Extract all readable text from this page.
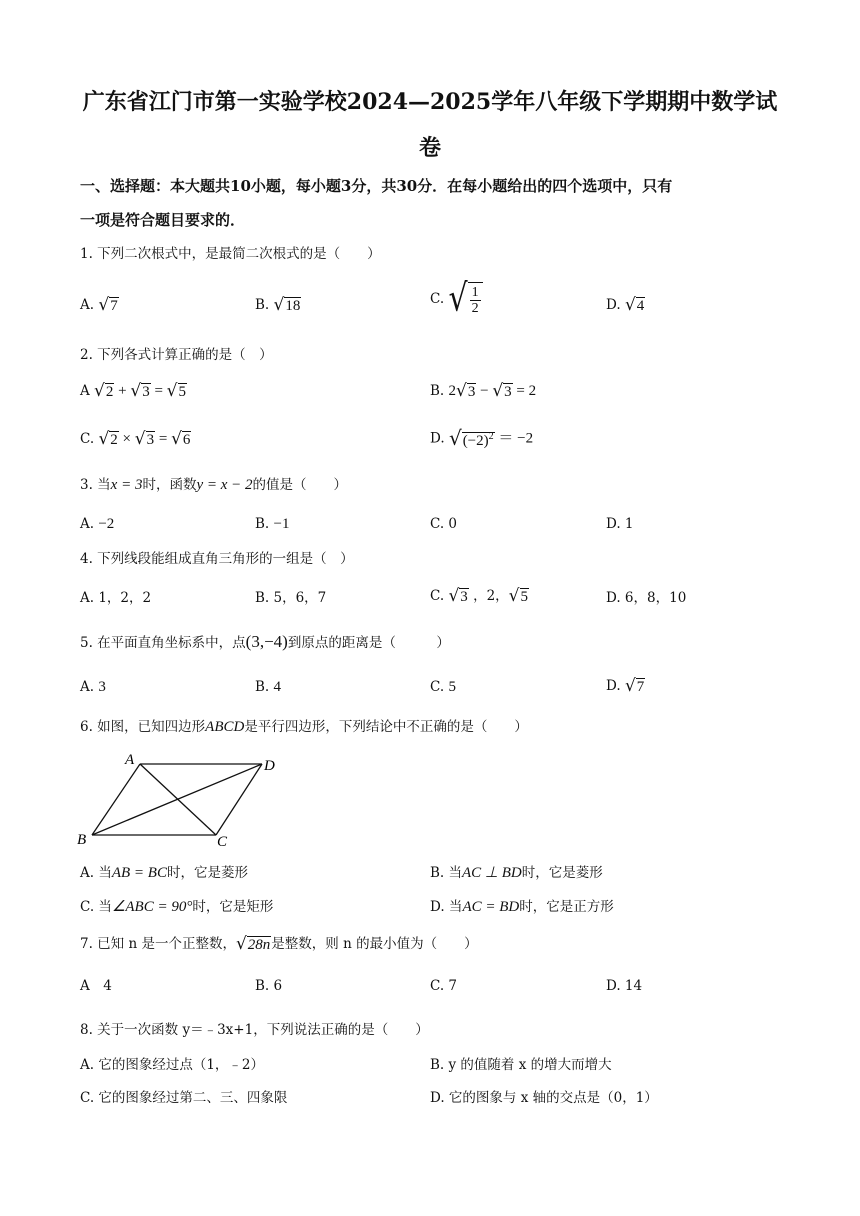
广东省江门市第一实验学校2024—2025学年八年级下学期期中数学试
卷
一、选择题：本大题共10小题，每小题3分，共30分．在每小题给出的四个选项中，只有
一项是符合题目要求的．
1. 下列二次根式中，是最简二次根式的是（　　）
A. √7	B. √18	C. √ $\frac{1}{2}$	D. √4
2. 下列各式计算正确的是（　）
A √2 + √3 = √5	B. 2√3 − √3 = 2
C. √2 × √3 = √6	D. $√(-2)^2 = -2$
3. 当x = 3时，函数y = x − 2的值是（　　）
A. −2	B. −1	C. 0	D. 1
4. 下列线段能组成直角三角形的一组是（　）
A. 1，2，2	B. 5，6，7	C. √3 ，2，√5	D. 6，8，10
5. 在平面直角坐标系中，点(3,−4)到原点的距离是（　　　）
A. 3	B. 4	C. 5	D. √7
6. 如图，已知四边形ABCD是平行四边形，下列结论中不正确的是（　　）
A	D
B	C
A. 当AB = BC时，它是菱形	B. 当AC ⊥ BD时，它是菱形
C. 当∠ABC = 90°时，它是矩形	D. 当AC = BD时，它是正方形
7. 已知 n 是一个正整数，√28n是整数，则 n 的最小值为（　　）
A　4	B. 6	C. 7	D. 14
8. 关于一次函数 y＝﹣3x+1，下列说法正确的是（　　）
A. 它的图象经过点（1，﹣2）	B. y 的值随着 x 的增大而增大
C. 它的图象经过第二、三、四象限	D. 它的图象与 x 轴的交点是（0，1）
